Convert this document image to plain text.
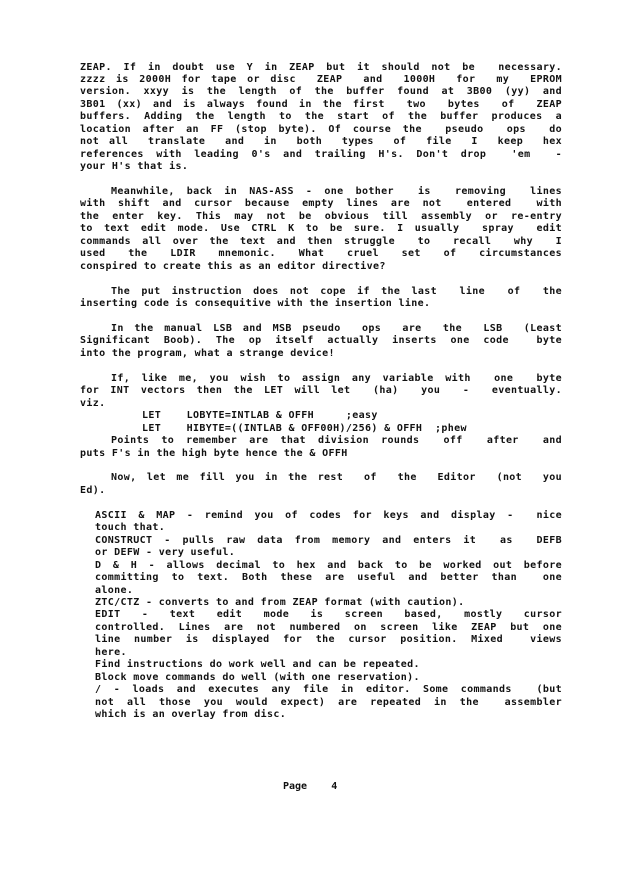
ZEAP. If in doubt use Y in ZEAP but it should not be  necessary.
zzzz is 2000H for tape or disc  ZEAP  and  1000H  for  my  EPROM
version. xxyy is the length of the buffer found at 3B00 (yy) and
3B01 (xx) and is always found in the first  two  bytes  of  ZEAP
buffers. Adding the length to the start of the buffer produces a
location after an FF (stop byte). Of course the  pseudo  ops  do
not all  translate  and  in  both  types  of  file  I  keep  hex
references with leading 0's and trailing H's. Don't drop  'em  -
your H's that is.
Meanwhile, back in NAS-ASS - one bother  is  removing  lines
with shift and cursor because empty lines are not  entered  with
the enter key. This may not be obvious till assembly or re-entry
to text edit mode. Use CTRL K to be sure. I usually  spray  edit
commands all over the text and then struggle  to  recall  why  I
used  the  LDIR  mnemonic.  What  cruel  set  of  circumstances
conspired to create this as an editor directive?
The put instruction does not cope if the last  line  of  the
inserting code is consequitive with the insertion line.
In the manual LSB and MSB pseudo  ops  are  the  LSB  (Least
Significant Boob). The op itself actually inserts one code  byte
into the program, what a strange device!
If, like me, you wish to assign any variable with  one  byte
for INT vectors then the LET will let  (ha)  you  -  eventually.
viz.
LET    LOBYTE=INTLAB & OFFH     ;easy
LET    HIBYTE=((INTLAB & OFF00H)/256) & OFFH  ;phew
Points to remember are that division rounds  off  after  and
puts F's in the high byte hence the & OFFH
Now, let me fill you in the rest  of  the  Editor  (not  you
Ed).
ASCII & MAP - remind you of codes for keys and display -  nice
touch that.
CONSTRUCT - pulls raw data from memory and enters it  as  DEFB
or DEFW - very useful.
D & H - allows decimal to hex and back to be worked out before
committing to text. Both these are useful and better than  one
alone.
ZTC/CTZ - converts to and from ZEAP format (with caution).
EDIT  -  text  edit  mode  is  screen  based,  mostly  cursor
controlled. Lines are not numbered on screen like ZEAP but one
line number is displayed for the cursor position. Mixed  views
here.
Find instructions do work well and can be repeated.
Block move commands do well (with one reservation).
/ - loads and executes any file in editor. Some commands  (but
not all those you would expect) are repeated in the  assembler
which is an overlay from disc.
Page 4
